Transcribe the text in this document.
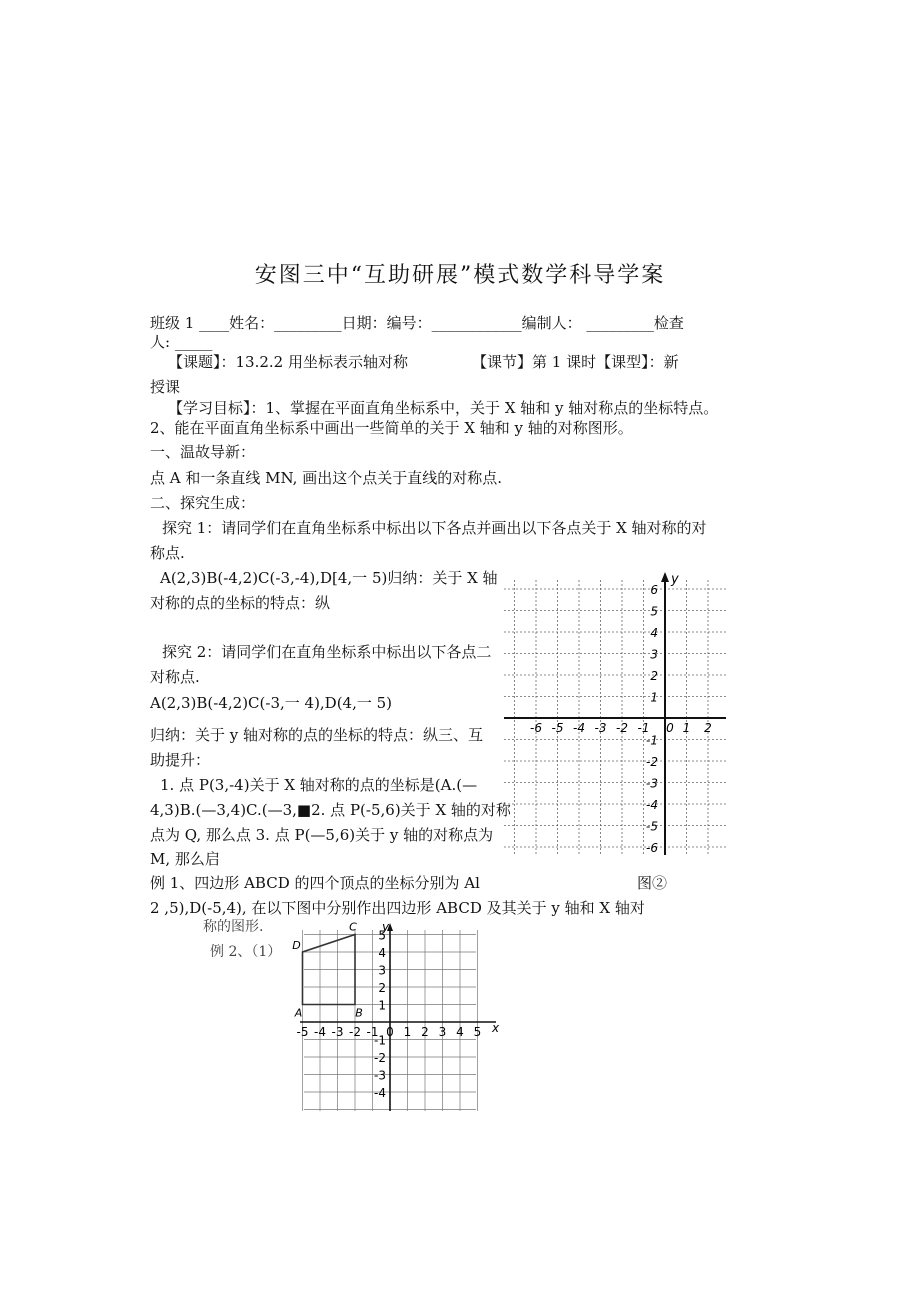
安图三中“互助研展”模式数学科导学案
班级 1 ____姓名：_________日期：编号：____________编制人： _________检查
人: _____
【课题】：13.2.2 用坐标表示轴对称	【课节】第 1 课时【课型】：新
授课
【学习目标】：1、掌握在平面直角坐标系中，关于 X 轴和 y 轴对称点的坐标特点。
2、能在平面直角坐标系中画出一些简单的关于 X 轴和 y 轴的对称图形。
一、温故导新：
点 A 和一条直线 MN, 画出这个点关于直线的对称点.
二、探究生成：
探究 1：请同学们在直角坐标系中标出以下各点并画出以下各点关于 X 轴对称的对
称点.
A(2,3)B(-4,2)C(-3,-4),D[4,一 5)归纳：关于 X 轴
对称的点的坐标的特点：纵
探究 2：请同学们在直角坐标系中标出以下各点二
对称点.
A(2,3)B(-4,2)C(-3,一 4),D(4,一 5)
归纳：关于 y 轴对称的点的坐标的特点：纵三、互
助提升：
1. 点 P(3,-4)关于 X 轴对称的点的坐标是(A.(—
4,3)B.(—3,4)C.(—3,■2. 点 P(-5,6)关于 X 轴的对称
点为 Q, 那么点 3. 点 P(—5,6)关于 y 轴的对称点为
M, 那么启
例 1、四边形 ABCD 的四个顶点的坐标分别为 Al	图②
2 ,5),D(-5,4), 在以下图中分别作出四边形 ABCD 及其关于 y 轴和 X 轴对
y
6
5
4
3
2
1
-1
-2
-3
-4
-5
-6
-6 -5 -4 -3 -2 -1 0 1 2
称的图形.
例 2、（1）
y
x
5
4
3
2
1
-1
-2
-3
-4
-5 -4 -3 -2 -1 0 1 2 3 4 5
A	B
C
D
